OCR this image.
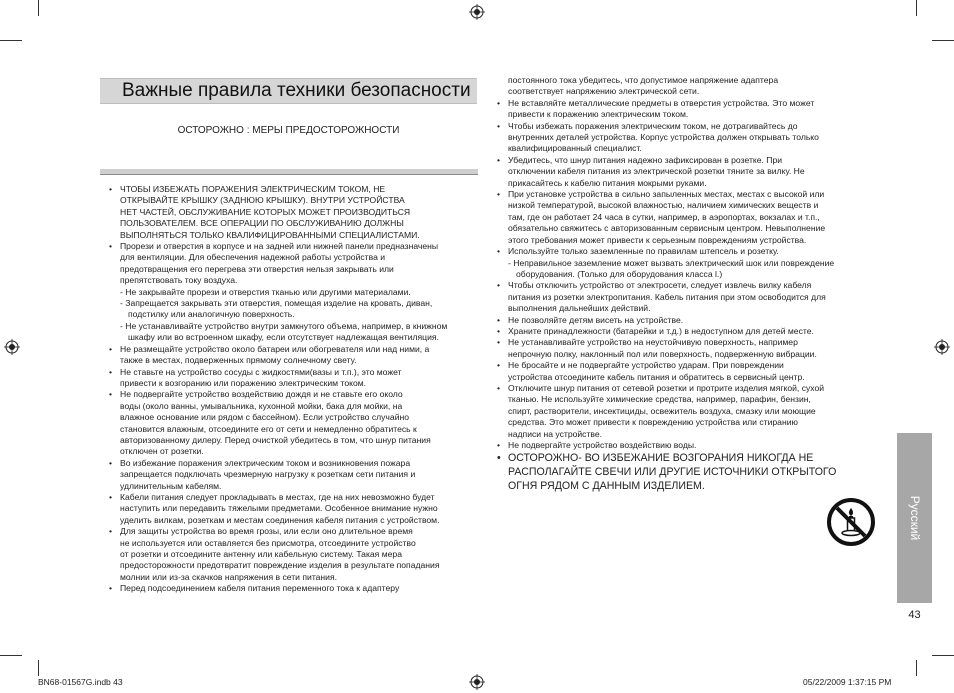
Важные правила техники безопасности
ОСТОРОЖНО : МЕРЫ ПРЕДОСТОРОЖНОСТИ
• ЧТОБЫ ИЗБЕЖАТЬ ПОРАЖЕНИЯ ЭЛЕКТРИЧЕСКИМ ТОКОМ, НЕ
ОТКРЫВАЙТЕ КРЫШКУ (ЗАДНЮЮ КРЫШКУ). ВНУТРИ УСТРОЙСТВА
НЕТ ЧАСТЕЙ, ОБСЛУЖИВАНИЕ КОТОРЫХ МОЖЕТ ПРОИЗВОДИТЬСЯ
ПОЛЬЗОВАТЕЛЕМ. ВСЕ ОПЕРАЦИИ ПО ОБСЛУЖИВАНИЮ ДОЛЖНЫ
ВЫПОЛНЯТЬСЯ ТОЛЬКО КВАЛИФИЦИРОВАННЫМИ СПЕЦИАЛИСТАМИ.
• Прорези и отверстия в корпусе и на задней или нижней панели предназначены
для вентиляции. Для обеспечения надежной работы устройства и
предотвращения его перегрева эти отверстия нельзя закрывать или
препятствовать току воздуха.
- Не закрывайте прорези и отверстия тканью или другими материалами.
- Запрещается закрывать эти отверстия, помещая изделие на кровать, диван,
подстилку или аналогичную поверхность.
- Не устанавливайте устройство внутри замкнутого объема, например, в книжном
шкафу или во встроенном шкафу, если отсутствует надлежащая вентиляция.
• Не размещайте устройство около батареи или обогревателя или над ними, а
также в местах, подверженных прямому солнечному свету.
• Не ставьте на устройство сосуды с жидкостями(вазы и т.п.), это может
привести к возгоранию или поражению электрическим током.
• Не подвергайте устройство воздействию дождя и не ставьте его около
воды (около ванны, умывальника, кухонной мойки, бака для мойки, на
влажное основание или рядом с бассейном). Если устройство случайно
становится влажным, отсоедините его от сети и немедленно обратитесь к
авторизованному дилеру. Перед очисткой убедитесь в том, что шнур питания
отключен от розетки.
• Во избежание поражения электрическим током и возникновения пожара
запрещается подключать чрезмерную нагрузку к розеткам сети питания и
удлинительным кабелям.
• Кабели питания следует прокладывать в местах, где на них невозможно будет
наступить или передавить тяжелыми предметами. Особенное внимание нужно
уделить вилкам, розеткам и местам соединения кабеля питания с устройством.
• Для защиты устройства во время грозы, или если оно длительное время
не используется или оставляется без присмотра, отсоедините устройство
от розетки и отсоедините антенну или кабельную систему. Такая мера
предосторожности предотвратит повреждение изделия в результате попадания
молнии или из-за скачков напряжения в сети питания.
• Перед подсоединением кабеля питания переменного тока к адаптеру
постоянного тока убедитесь, что допустимое напряжение адаптера
соответствует напряжению электрической сети.
• Не вставляйте металлические предметы в отверстия устройства. Это может
привести к поражению электрическим током.
• Чтобы избежать поражения электрическим током, не дотрагивайтесь до
внутренних деталей устройства. Корпус устройства должен открывать только
квалифицированный специалист.
• Убедитесь, что шнур питания надежно зафиксирован в розетке. При
отключении кабеля питания из электрической розетки тяните за вилку. Не
прикасайтесь к кабелю питания мокрыми руками.
• При установке устройства в сильно запыленных местах, местах с высокой или
низкой температурой, высокой влажностью, наличием химических веществ и
там, где он работает 24 часа в сутки, например, в аэропортах, вокзалах и т.п.,
обязательно свяжитесь с авторизованным сервисным центром. Невыполнение
этого требования может привести к серьезным повреждениям устройства.
• Используйте только заземленные по правилам штепсель и розетку.
- Неправильное заземление может вызвать электрический шок или повреждение
оборудования. (Только для оборудования класса l.)
• Чтобы отключить устройство от электросети, следует извлечь вилку кабеля
питания из розетки электропитания. Кабель питания при этом освободится для
выполнения дальнейших действий.
• Не позволяйте детям висеть на устройстве.
• Храните принадлежности (батарейки и т.д.) в недоступном для детей месте.
• Не устанавливайте устройство на неустойчивую поверхность, например
непрочную полку, наклонный пол или поверхность, подверженную вибрации.
• Не бросайте и не подвергайте устройство ударам. При повреждении
устройства отсоедините кабель питания и обратитесь в сервисный центр.
• Отключите шнур питания от сетевой розетки и протрите изделия мягкой, сухой
тканью. Не используйте химические средства, например, парафин, бензин,
спирт, растворители, инсектициды, освежитель воздуха, смазку или моющие
средства. Это может привести к повреждению устройства или стиранию
надписи на устройстве.
• Не подвергайте устройство воздействию воды.
• ОСТОРОЖНО- ВО ИЗБЕЖАНИЕ ВОЗГОРАНИЯ НИКОГДА НЕ
РАСПОЛАГАЙТЕ СВЕЧИ ИЛИ ДРУГИЕ ИСТОЧНИКИ ОТКРЫТОГО
ОГНЯ РЯДОМ С ДАННЫМ ИЗДЕЛИЕМ.
Русский
43
BN68-01567G.indb 43	05/22/2009 1:37:15 PM
